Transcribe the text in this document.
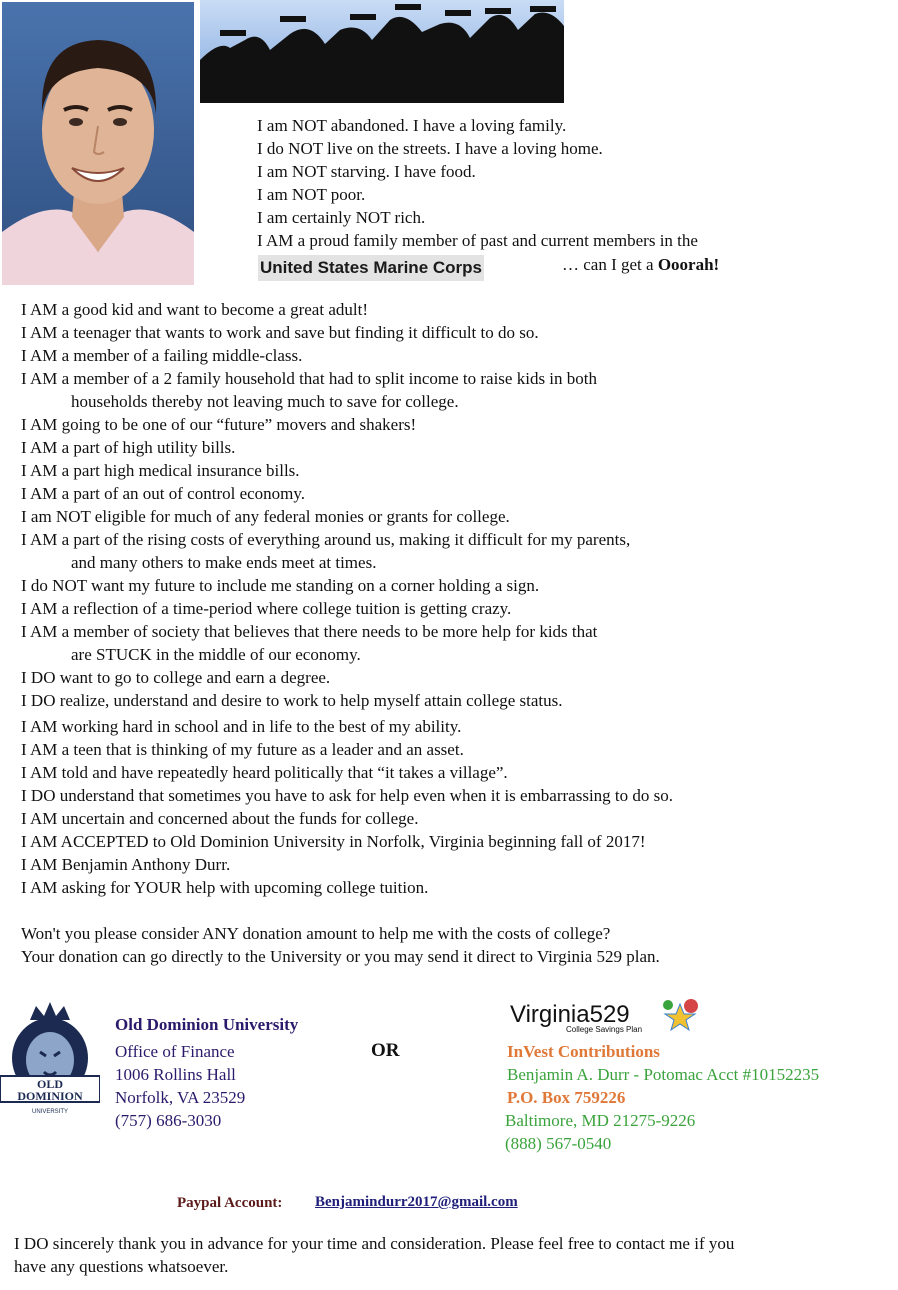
I am NOT abandoned. I have a loving family.
I do NOT live on the streets. I have a loving home.
I am NOT starving. I have food.
I am NOT poor.
I am certainly NOT rich.
I AM a proud family member of past and current members in the
United States Marine Corps	… can I get a Ooorah!
I AM a good kid and want to become a great adult!
I AM a teenager that wants to work and save but finding it difficult to do so.
I AM a member of a failing middle-class.
I AM a member of a 2 family household that had to split income to raise kids in both
households thereby not leaving much to save for college.
I AM going to be one of our “future” movers and shakers!
I AM a part of high utility bills.
I AM a part high medical insurance bills.
I AM a part of an out of control economy.
I am NOT eligible for much of any federal monies or grants for college.
I AM a part of the rising costs of everything around us, making it difficult for my parents,
and many others to make ends meet at times.
I do NOT want my future to include me standing on a corner holding a sign.
I AM a reflection of a time-period where college tuition is getting crazy.
I AM a member of society that believes that there needs to be more help for kids that
are STUCK in the middle of our economy.
I DO want to go to college and earn a degree.
I DO realize, understand and desire to work to help myself attain college status.
I AM working hard in school and in life to the best of my ability.
I AM a teen that is thinking of my future as a leader and an asset.
I AM told and have repeatedly heard politically that “it takes a village”.
I DO understand that sometimes you have to ask for help even when it is embarrassing to do so.
I AM uncertain and concerned about the funds for college.
I AM ACCEPTED to Old Dominion University in Norfolk, Virginia beginning fall of 2017!
I AM Benjamin Anthony Durr.
I AM asking for YOUR help with upcoming college tuition.
Won't you please consider ANY donation amount to help me with the costs of college?
Your donation can go directly to the University or you may send it direct to Virginia 529 plan.
OLD
DOMINION
UNIVERSITY
Old Dominion University
Office of Finance
1006 Rollins Hall
Norfolk, VA 23529
(757) 686-3030
OR
Virginia529
College Savings Plan
InVest Contributions
Benjamin A. Durr - Potomac Acct #10152235
P.O. Box 759226
Baltimore, MD 21275-9226
(888) 567-0540
Paypal Account: Benjamindurr2017@gmail.com
I DO sincerely thank you in advance for your time and consideration. Please feel free to contact me if you
have any questions whatsoever.
